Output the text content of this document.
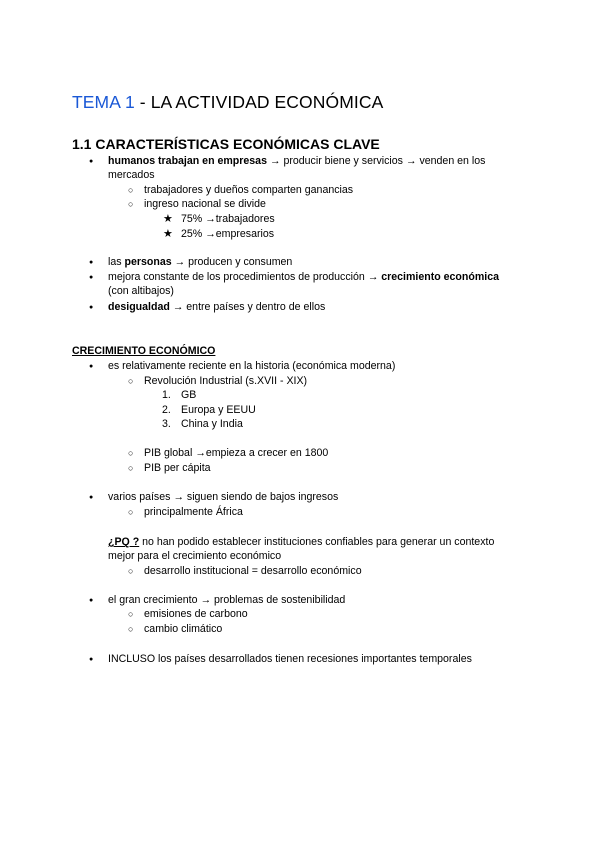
TEMA 1 - LA ACTIVIDAD ECONÓMICA
1.1 CARACTERÍSTICAS ECONÓMICAS CLAVE
●
humanos trabajan en empresas → producir biene y servicios → venden en los
mercados
○
trabajadores y dueños comparten ganancias
○
ingreso nacional se divide
★
75% →trabajadores
★
25% →empresarios
●
las personas → producen y consumen
●
mejora constante de los procedimientos de producción → crecimiento económica
(con altibajos)
●
desigualdad → entre países y dentro de ellos
CRECIMIENTO ECONÓMICO
●
es relativamente reciente en la historia (económica moderna)
○
Revolución Industrial (s.XVII - XIX)
1. GB
2. Europa y EEUU
3. China y India
○
PIB global →empieza a crecer en 1800
○
PIB per cápita
●
varios países → siguen siendo de bajos ingresos
○
principalmente África
¿PQ ? no han podido establecer instituciones confiables para generar un contexto
mejor para el crecimiento económico
○
desarrollo institucional = desarrollo económico
●
el gran crecimiento → problemas de sostenibilidad
○
emisiones de carbono
○
cambio climático
●
INCLUSO los países desarrollados tienen recesiones importantes temporales
